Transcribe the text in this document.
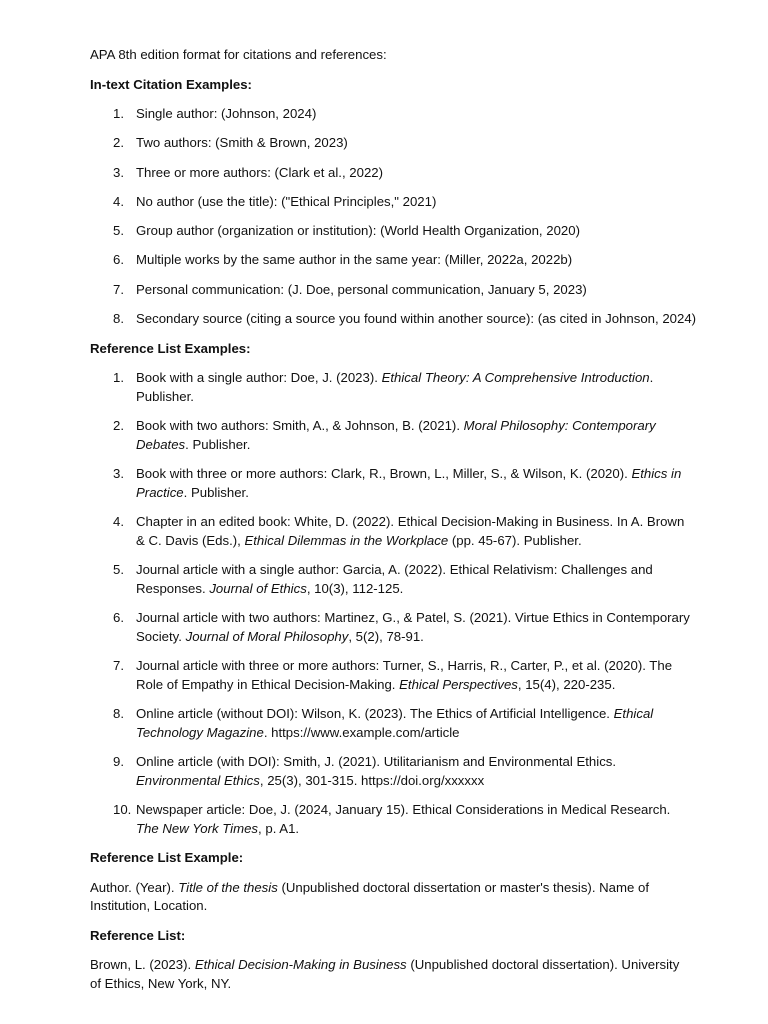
APA 8th edition format for citations and references:

In-text Citation Examples:

1. Single author: (Johnson, 2024)
2. Two authors: (Smith & Brown, 2023)
3. Three or more authors: (Clark et al., 2022)
4. No author (use the title): ("Ethical Principles," 2021)
5. Group author (organization or institution): (World Health Organization, 2020)
6. Multiple works by the same author in the same year: (Miller, 2022a, 2022b)
7. Personal communication: (J. Doe, personal communication, January 5, 2023)
8. Secondary source (citing a source you found within another source): (as cited in Johnson, 2024)

Reference List Examples:

1. Book with a single author: Doe, J. (2023). Ethical Theory: A Comprehensive Introduction. Publisher.
2. Book with two authors: Smith, A., & Johnson, B. (2021). Moral Philosophy: Contemporary Debates. Publisher.
3. Book with three or more authors: Clark, R., Brown, L., Miller, S., & Wilson, K. (2020). Ethics in Practice. Publisher.
4. Chapter in an edited book: White, D. (2022). Ethical Decision-Making in Business. In A. Brown & C. Davis (Eds.), Ethical Dilemmas in the Workplace (pp. 45-67). Publisher.
5. Journal article with a single author: Garcia, A. (2022). Ethical Relativism: Challenges and Responses. Journal of Ethics, 10(3), 112-125.
6. Journal article with two authors: Martinez, G., & Patel, S. (2021). Virtue Ethics in Contemporary Society. Journal of Moral Philosophy, 5(2), 78-91.
7. Journal article with three or more authors: Turner, S., Harris, R., Carter, P., et al. (2020). The Role of Empathy in Ethical Decision-Making. Ethical Perspectives, 15(4), 220-235.
8. Online article (without DOI): Wilson, K. (2023). The Ethics of Artificial Intelligence. Ethical Technology Magazine. https://www.example.com/article
9. Online article (with DOI): Smith, J. (2021). Utilitarianism and Environmental Ethics. Environmental Ethics, 25(3), 301-315. https://doi.org/xxxxxx
10. Newspaper article: Doe, J. (2024, January 15). Ethical Considerations in Medical Research. The New York Times, p. A1.

Reference List Example:

Author. (Year). Title of the thesis (Unpublished doctoral dissertation or master's thesis). Name of Institution, Location.

Reference List:

Brown, L. (2023). Ethical Decision-Making in Business (Unpublished doctoral dissertation). University of Ethics, New York, NY.
